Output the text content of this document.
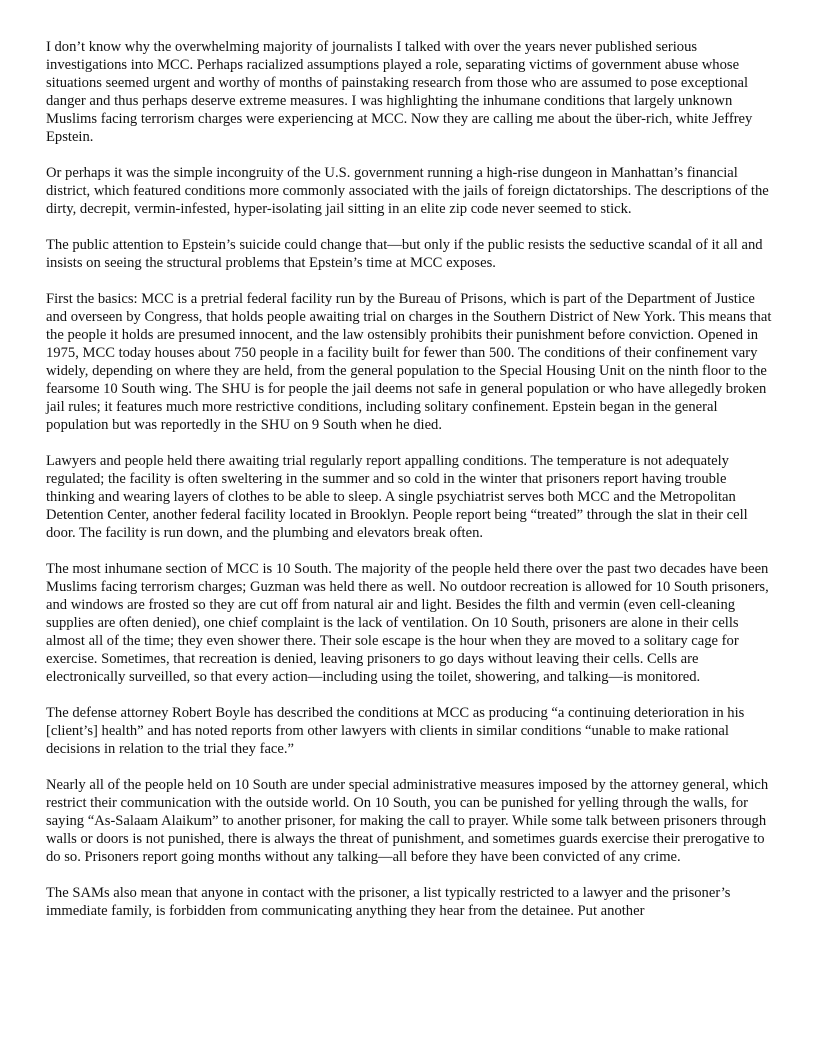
I don’t know why the overwhelming majority of journalists I talked with over the years never published serious investigations into MCC. Perhaps racialized assumptions played a role, separating victims of government abuse whose situations seemed urgent and worthy of months of painstaking research from those who are assumed to pose exceptional danger and thus perhaps deserve extreme measures. I was highlighting the inhumane conditions that largely unknown Muslims facing terrorism charges were experiencing at MCC. Now they are calling me about the über-rich, white Jeffrey Epstein.

Or perhaps it was the simple incongruity of the U.S. government running a high-rise dungeon in Manhattan’s financial district, which featured conditions more commonly associated with the jails of foreign dictatorships. The descriptions of the dirty, decrepit, vermin-infested, hyper-isolating jail sitting in an elite zip code never seemed to stick.

The public attention to Epstein’s suicide could change that—but only if the public resists the seductive scandal of it all and insists on seeing the structural problems that Epstein’s time at MCC exposes.

First the basics: MCC is a pretrial federal facility run by the Bureau of Prisons, which is part of the Department of Justice and overseen by Congress, that holds people awaiting trial on charges in the Southern District of New York. This means that the people it holds are presumed innocent, and the law ostensibly prohibits their punishment before conviction. Opened in 1975, MCC today houses about 750 people in a facility built for fewer than 500. The conditions of their confinement vary widely, depending on where they are held, from the general population to the Special Housing Unit on the ninth floor to the fearsome 10 South wing. The SHU is for people the jail deems not safe in general population or who have allegedly broken jail rules; it features much more restrictive conditions, including solitary confinement. Epstein began in the general population but was reportedly in the SHU on 9 South when he died.

Lawyers and people held there awaiting trial regularly report appalling conditions. The temperature is not adequately regulated; the facility is often sweltering in the summer and so cold in the winter that prisoners report having trouble thinking and wearing layers of clothes to be able to sleep. A single psychiatrist serves both MCC and the Metropolitan Detention Center, another federal facility located in Brooklyn. People report being “treated” through the slat in their cell door. The facility is run down, and the plumbing and elevators break often.

The most inhumane section of MCC is 10 South. The majority of the people held there over the past two decades have been Muslims facing terrorism charges; Guzman was held there as well. No outdoor recreation is allowed for 10 South prisoners, and windows are frosted so they are cut off from natural air and light. Besides the filth and vermin (even cell-cleaning supplies are often denied), one chief complaint is the lack of ventilation. On 10 South, prisoners are alone in their cells almost all of the time; they even shower there. Their sole escape is the hour when they are moved to a solitary cage for exercise. Sometimes, that recreation is denied, leaving prisoners to go days without leaving their cells. Cells are electronically surveilled, so that every action—including using the toilet, showering, and talking—is monitored.

The defense attorney Robert Boyle has described the conditions at MCC as producing “a continuing deterioration in his [client’s] health” and has noted reports from other lawyers with clients in similar conditions “unable to make rational decisions in relation to the trial they face.”

Nearly all of the people held on 10 South are under special administrative measures imposed by the attorney general, which restrict their communication with the outside world. On 10 South, you can be punished for yelling through the walls, for saying “As-Salaam Alaikum” to another prisoner, for making the call to prayer. While some talk between prisoners through walls or doors is not punished, there is always the threat of punishment, and sometimes guards exercise their prerogative to do so. Prisoners report going months without any talking—all before they have been convicted of any crime.

The SAMs also mean that anyone in contact with the prisoner, a list typically restricted to a lawyer and the prisoner’s immediate family, is forbidden from communicating anything they hear from the detainee. Put another
